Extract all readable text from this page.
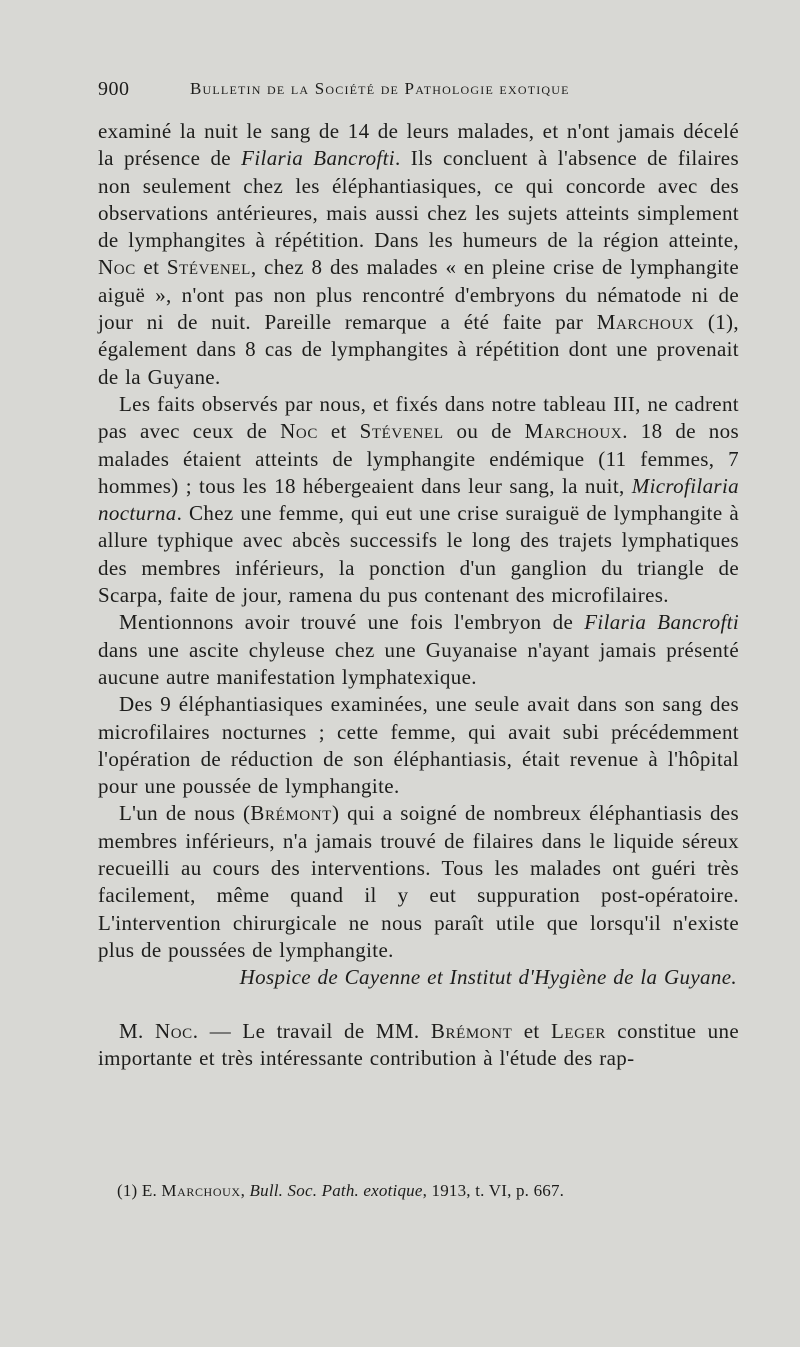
900	Bulletin de la Société de Pathologie exotique

examiné la nuit le sang de 14 de leurs malades, et n'ont jamais décelé la présence de Filaria Bancrofti. Ils concluent à l'absence de filaires non seulement chez les éléphantiasiques, ce qui concorde avec des observations antérieures, mais aussi chez les sujets atteints simplement de lymphangites à répétition. Dans les humeurs de la région atteinte, Noc et Stévenel, chez 8 des malades « en pleine crise de lymphangite aiguë », n'ont pas non plus rencontré d'embryons du nématode ni de jour ni de nuit. Pareille remarque a été faite par Marchoux (1), également dans 8 cas de lymphangites à répétition dont une provenait de la Guyane.

Les faits observés par nous, et fixés dans notre tableau III, ne cadrent pas avec ceux de Noc et Stévenel ou de Marchoux. 18 de nos malades étaient atteints de lymphangite endémique (11 femmes, 7 hommes) ; tous les 18 hébergeaient dans leur sang, la nuit, Microfilaria nocturna. Chez une femme, qui eut une crise suraiguë de lymphangite à allure typhique avec abcès successifs le long des trajets lymphatiques des membres inférieurs, la ponction d'un ganglion du triangle de Scarpa, faite de jour, ramena du pus contenant des microfilaires.

Mentionnons avoir trouvé une fois l'embryon de Filaria Bancrofti dans une ascite chyleuse chez une Guyanaise n'ayant jamais présenté aucune autre manifestation lymphatexique.

Des 9 éléphantiasiques examinées, une seule avait dans son sang des microfilaires nocturnes ; cette femme, qui avait subi précédemment l'opération de réduction de son éléphantiasis, était revenue à l'hôpital pour une poussée de lymphangite.

L'un de nous (Brémont) qui a soigné de nombreux éléphantiasis des membres inférieurs, n'a jamais trouvé de filaires dans le liquide séreux recueilli au cours des interventions. Tous les malades ont guéri très facilement, même quand il y eut suppuration post-opératoire. L'intervention chirurgicale ne nous paraît utile que lorsqu'il n'existe plus de poussées de lymphangite.

Hospice de Cayenne et Institut d'Hygiène de la Guyane.

M. Noc. — Le travail de MM. Brémont et Leger constitue une importante et très intéressante contribution à l'étude des rap-

(1) E. Marchoux, Bull. Soc. Path. exotique, 1913, t. VI, p. 667.
